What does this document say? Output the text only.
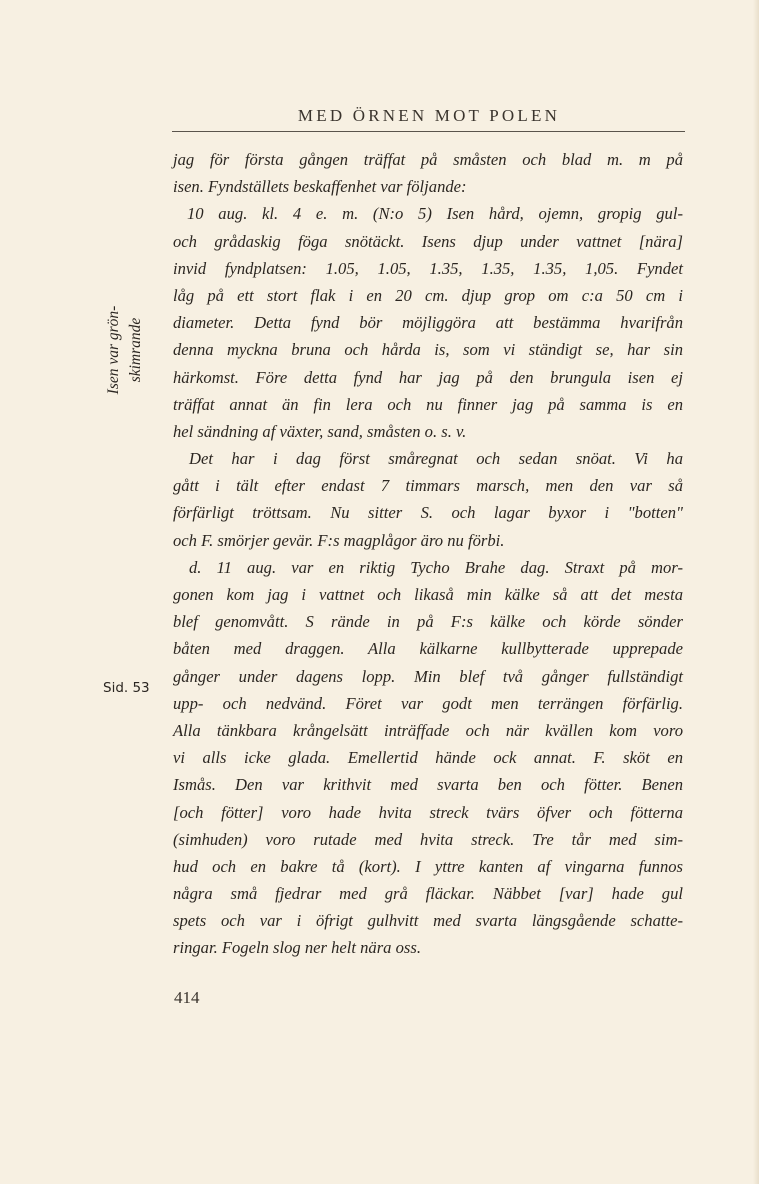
MED ÖRNEN MOT POLEN
Isen var grön- skimrande
Sid. 53
jag för första gången träffat på småsten och blad m. m på
isen. Fyndställets beskaffenhet var följande:
10 aug. kl. 4 e. m. (N:o 5) Isen hård, ojemn, gropig gul-
och grådaskig föga snötäckt. Isens djup under vattnet [nära]
invid fyndplatsen: 1.05, 1.05, 1.35, 1.35, 1.35, 1,05. Fyndet
låg på ett stort flak i en 20 cm. djup grop om c:a 50 cm i
diameter. Detta fynd bör möjliggöra att bestämma hvarifrån
denna myckna bruna och hårda is, som vi ständigt se, har sin
härkomst. Före detta fynd har jag på den brungula isen ej
träffat annat än fin lera och nu finner jag på samma is en
hel sändning af växter, sand, småsten o. s. v.
Det har i dag först småregnat och sedan snöat. Vi ha
gått i tält efter endast 7 timmars marsch, men den var så
förfärligt tröttsam. Nu sitter S. och lagar byxor i "botten"
och F. smörjer gevär. F:s magplågor äro nu förbi.
d. 11 aug. var en riktig Tycho Brahe dag. Straxt på mor-
gonen kom jag i vattnet och likaså min kälke så att det mesta
blef genomvått. S rände in på F:s kälke och körde sönder
båten med draggen. Alla kälkarne kullbytterade upprepade
gånger under dagens lopp. Min blef två gånger fullständigt
upp- och nedvänd. Föret var godt men terrängen förfärlig.
Alla tänkbara krångelsätt inträffade och när kvällen kom voro
vi alls icke glada. Emellertid hände ock annat. F. sköt en
Ismås. Den var krithvit med svarta ben och fötter. Benen
[och fötter] voro hade hvita streck tvärs öfver och fötterna
(simhuden) voro rutade med hvita streck. Tre tår med sim-
hud och en bakre tå (kort). I yttre kanten af vingarna funnos
några små fjedrar med grå fläckar. Näbbet [var] hade gul
spets och var i öfrigt gulhvitt med svarta längsgående schatte-
ringar. Fogeln slog ner helt nära oss.
414
